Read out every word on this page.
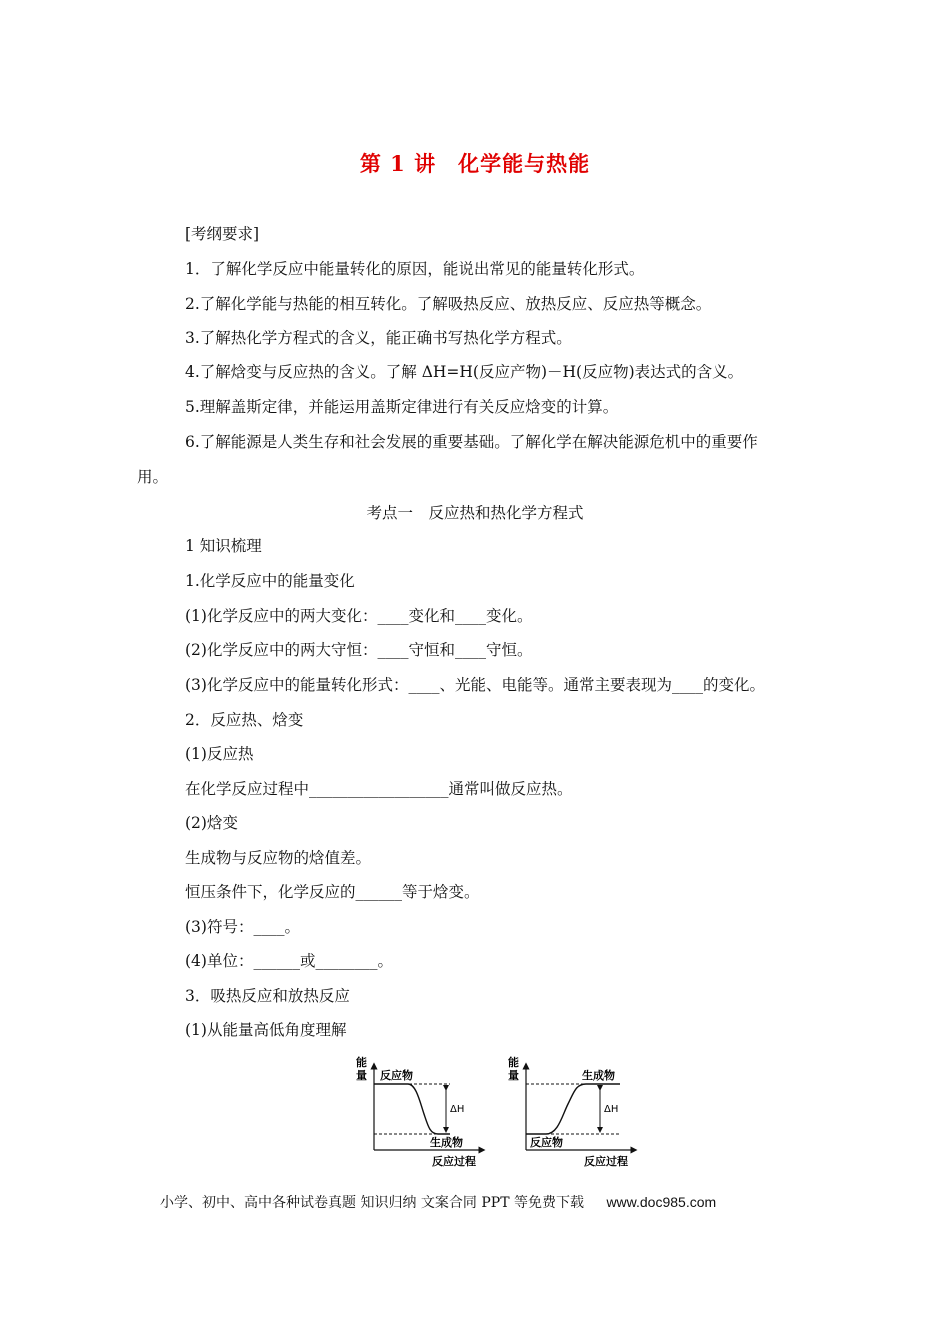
第 1 讲　化学能与热能
[考纲要求]
1．了解化学反应中能量转化的原因，能说出常见的能量转化形式。
2.了解化学能与热能的相互转化。了解吸热反应、放热反应、反应热等概念。
3.了解热化学方程式的含义，能正确书写热化学方程式。
4.了解焓变与反应热的含义。了解 ΔH=H(反应产物)－H(反应物)表达式的含义。
5.理解盖斯定律，并能运用盖斯定律进行有关反应焓变的计算。
6.了解能源是人类生存和社会发展的重要基础。了解化学在解决能源危机中的重要作
用。
考点一　反应热和热化学方程式
1 知识梳理
1.化学反应中的能量变化
(1)化学反应中的两大变化：____变化和____变化。
(2)化学反应中的两大守恒：____守恒和____守恒。
(3)化学反应中的能量转化形式：____、光能、电能等。通常主要表现为____的变化。
2．反应热、焓变
(1)反应热
在化学反应过程中__________________通常叫做反应热。
(2)焓变
生成物与反应物的焓值差。
恒压条件下，化学反应的______等于焓变。
(3)符号：____。
(4)单位：______或________。
3．吸热反应和放热反应
(1)从能量高低角度理解
能
量 反应物
生成物
ΔH
反应过程
能
量	生成物
反应物
ΔH
反应过程
小学、初中、高中各种试卷真题 知识归纳 文案合同 PPT 等免费下载 www.doc985.com
